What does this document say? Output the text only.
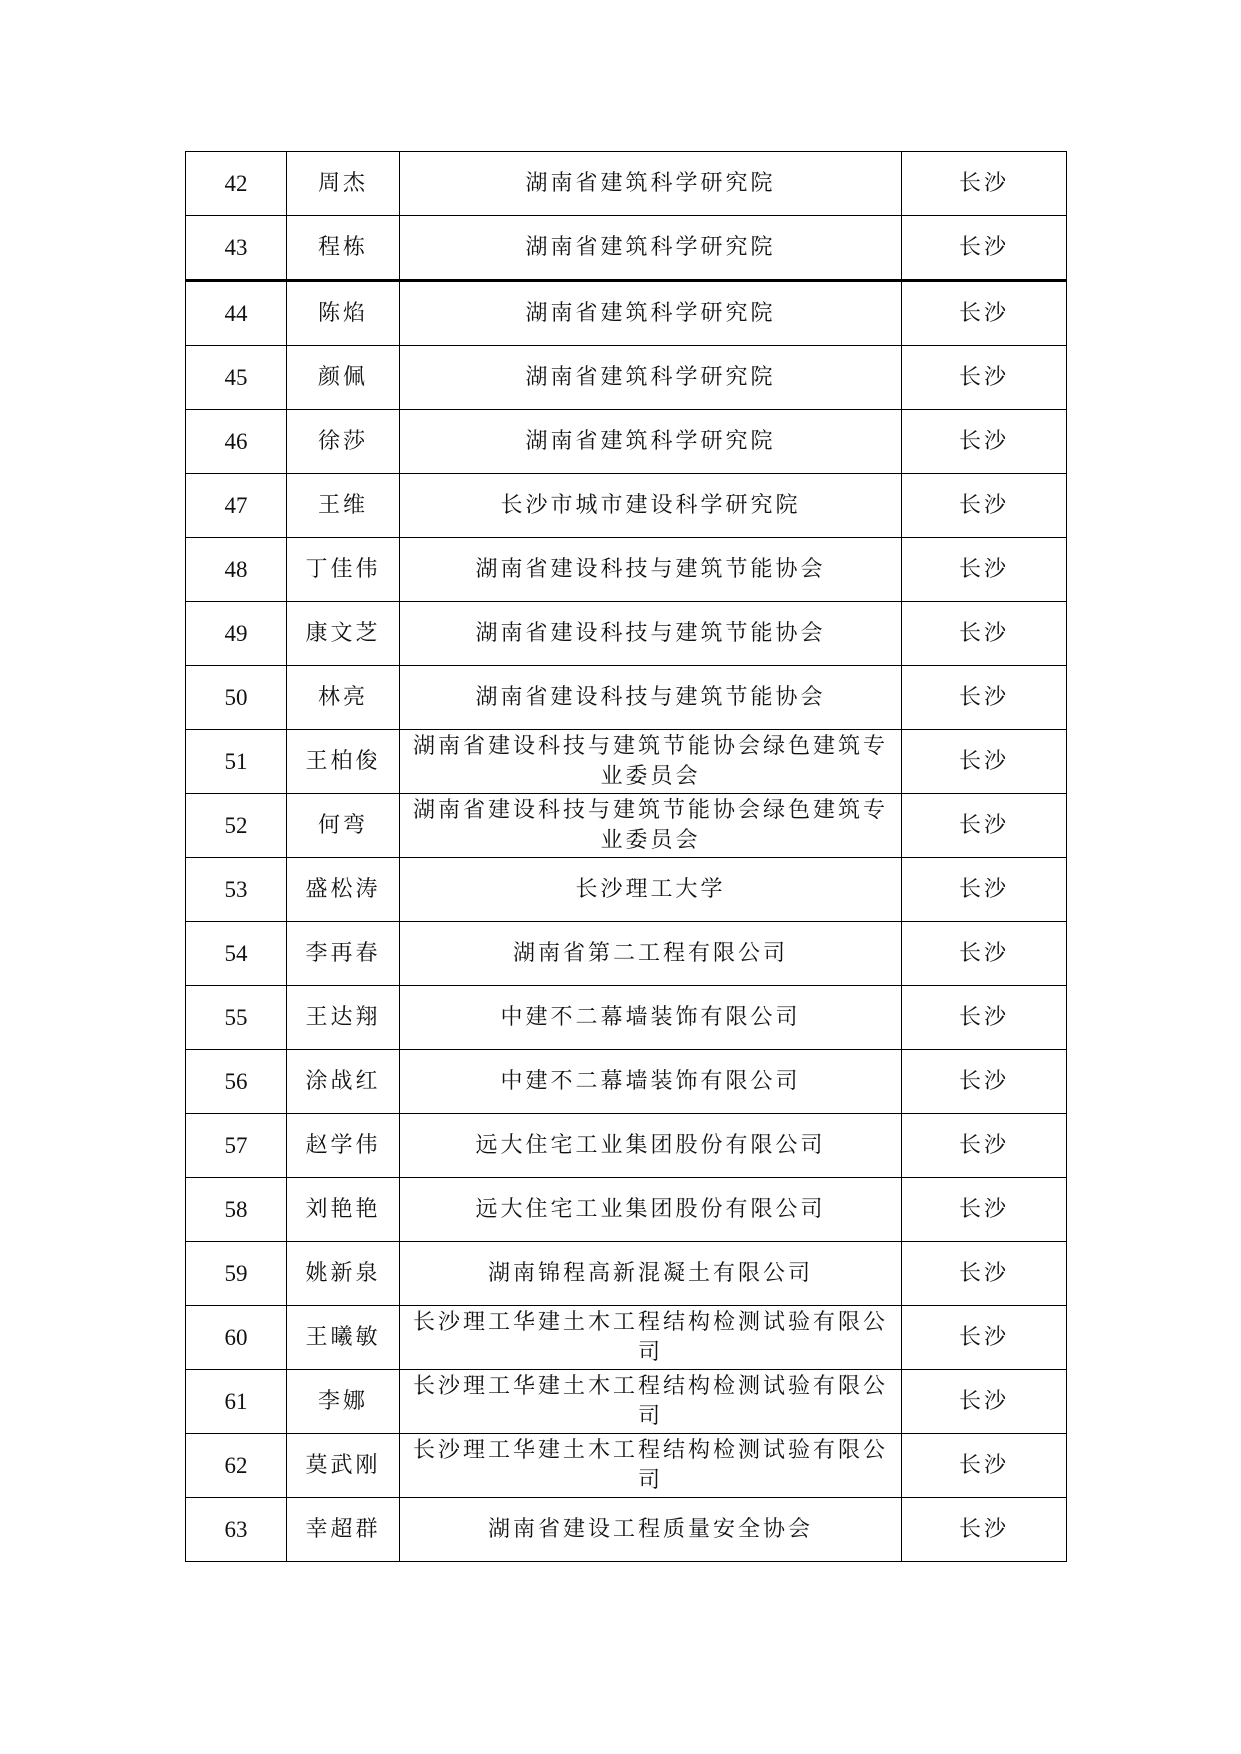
42	周杰	湖南省建筑科学研究院	长沙
43	程栋	湖南省建筑科学研究院	长沙
44	陈焰	湖南省建筑科学研究院	长沙
45	颜佩	湖南省建筑科学研究院	长沙
46	徐莎	湖南省建筑科学研究院	长沙
47	王维	长沙市城市建设科学研究院	长沙
48	丁佳伟	湖南省建设科技与建筑节能协会	长沙
49	康文芝	湖南省建设科技与建筑节能协会	长沙
50	林亮	湖南省建设科技与建筑节能协会	长沙
51	王柏俊	湖南省建设科技与建筑节能协会绿色建筑专业委员会	长沙
52	何弯	湖南省建设科技与建筑节能协会绿色建筑专业委员会	长沙
53	盛松涛	长沙理工大学	长沙
54	李再春	湖南省第二工程有限公司	长沙
55	王达翔	中建不二幕墙装饰有限公司	长沙
56	涂战红	中建不二幕墙装饰有限公司	长沙
57	赵学伟	远大住宅工业集团股份有限公司	长沙
58	刘艳艳	远大住宅工业集团股份有限公司	长沙
59	姚新泉	湖南锦程高新混凝土有限公司	长沙
60	王曦敏	长沙理工华建土木工程结构检测试验有限公司	长沙
61	李娜	长沙理工华建土木工程结构检测试验有限公司	长沙
62	莫武刚	长沙理工华建土木工程结构检测试验有限公司	长沙
63	幸超群	湖南省建设工程质量安全协会	长沙
